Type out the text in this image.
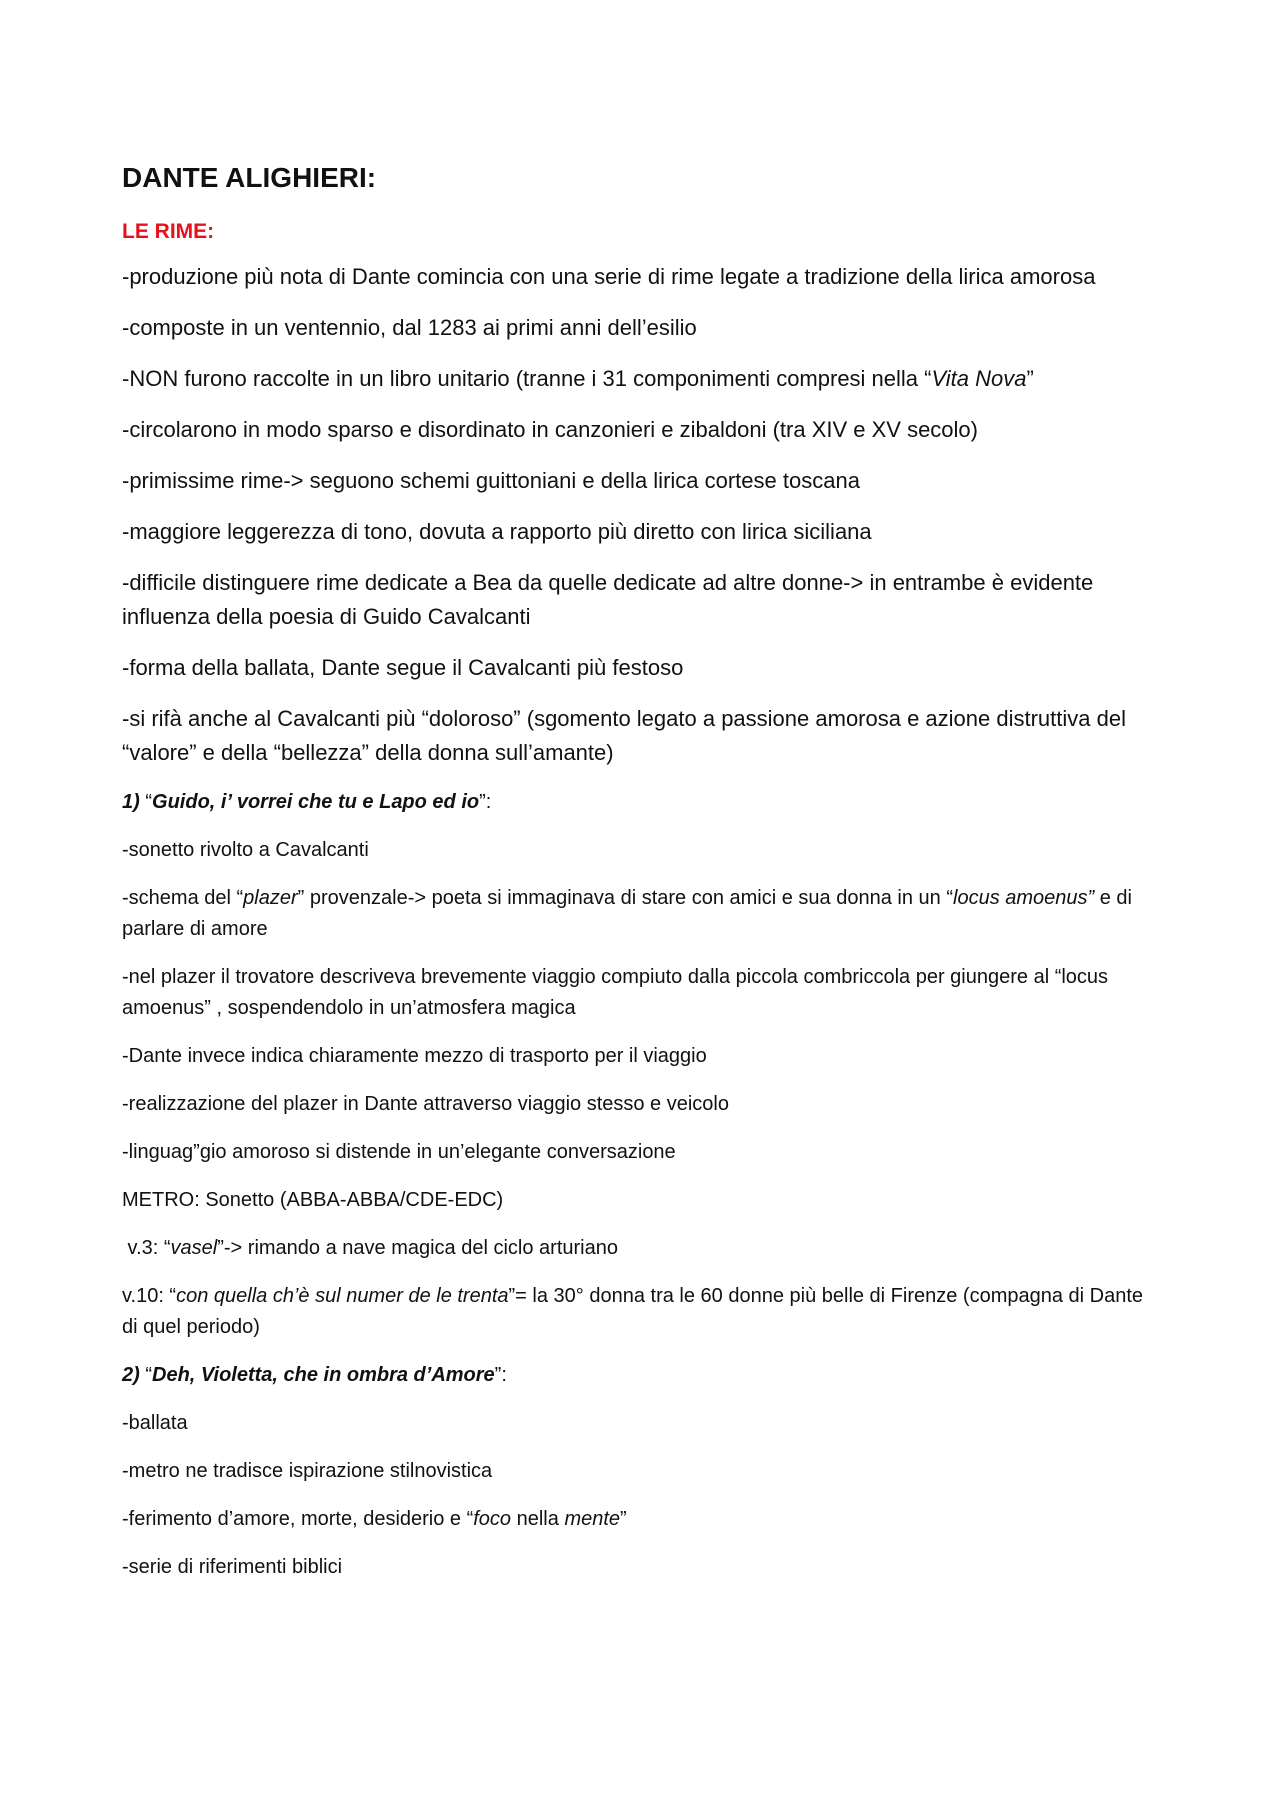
DANTE ALIGHIERI:
LE RIME:

-produzione più nota di Dante comincia con una serie di rime legate a tradizione della lirica amorosa

-composte in un ventennio, dal 1283 ai primi anni dell’esilio

-NON furono raccolte in un libro unitario (tranne i 31 componimenti compresi nella “Vita Nova”

-circolarono in modo sparso e disordinato in canzonieri e zibaldoni (tra XIV e XV secolo)

-primissime rime-> seguono schemi guittoniani e della lirica cortese toscana

-maggiore leggerezza di tono, dovuta a rapporto più diretto con lirica siciliana

-difficile distinguere rime dedicate a Bea da quelle dedicate ad altre donne-> in entrambe è evidente influenza della poesia di Guido Cavalcanti

-forma della ballata, Dante segue il Cavalcanti più festoso

-si rifà anche al Cavalcanti più “doloroso” (sgomento legato a passione amorosa e azione distruttiva del “valore” e della “bellezza” della donna sull’amante)

1) “Guido, i’ vorrei che tu e Lapo ed io”:

-sonetto rivolto a Cavalcanti

-schema del “plazer” provenzale-> poeta si immaginava di stare con amici e sua donna in un “locus amoenus” e di parlare di amore

-nel plazer il trovatore descriveva brevemente viaggio compiuto dalla piccola combriccola per giungere al “locus amoenus” , sospendendolo in un’atmosfera magica

-Dante invece indica chiaramente mezzo di trasporto per il viaggio

-realizzazione del plazer in Dante attraverso viaggio stesso e veicolo

-linguag”gio amoroso si distende in un’elegante conversazione

METRO: Sonetto (ABBA-ABBA/CDE-EDC)

v.3: “vasel”-> rimando a nave magica del ciclo arturiano

v.10: “con quella ch’è sul numer de le trenta”= la 30° donna tra le 60 donne più belle di Firenze (compagna di Dante di quel periodo)

2) “Deh, Violetta, che in ombra d’Amore”:

-ballata

-metro ne tradisce ispirazione stilnovistica

-ferimento d’amore, morte, desiderio e “foco nella mente”

-serie di riferimenti biblici
